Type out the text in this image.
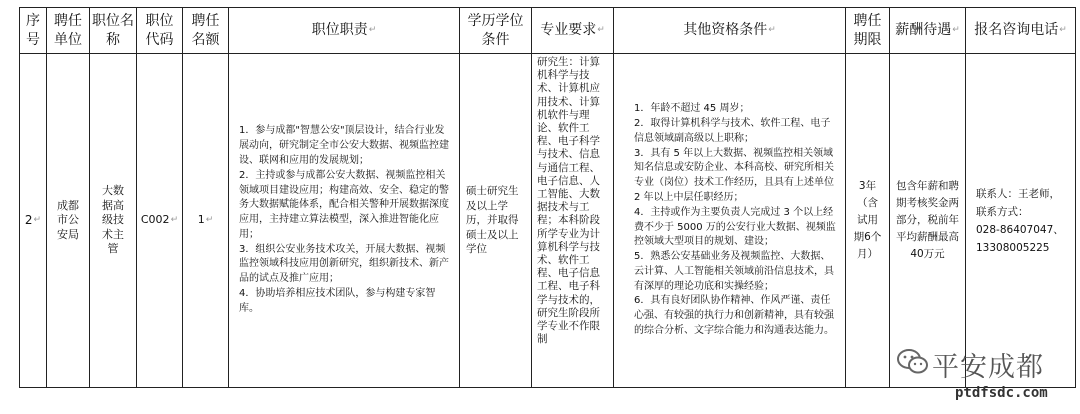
序号
聘任单位
职位名称
职位代码
聘任名额
职位职责 ↵
学历学位条件
专业要求 ↵	其他资格条件 ↵
聘任期限
薪酬待遇 ↵ 报名咨询电话 ↵
2 ↵
成都市公安局
大数据高级技术主管
C002 ↵ 1 ↵
1．参与成都"智慧公安"顶层设计，结合行业发展动向，研究制定全市公安大数据、视频监控建设、联网和应用的发展规划；
2．主持或参与成都公安大数据、视频监控相关领域项目建设应用；构建高效、安全、稳定的警务大数据赋能体系，配合相关警种开展数据深度应用，主持建立算法模型，深入推进智能化应用；
3．组织公安业务技术攻关，开展大数据、视频监控领域科技应用创新研究，组织新技术、新产品的试点及推广应用；
4．协助培养相应技术团队，参与构建专家智库。
硕士研究生及以上学历，并取得硕士及以上学位
研究生：计算机科学与技术、计算机应用技术、计算机软件与理论、软件工程、电子科学与技术、信息与通信工程、电子信息、人工智能、大数据技术与工程；本科阶段所学专业为计算机科学与技术、软件工程、电子信息工程、电子科学与技术的，研究生阶段所学专业不作限制
1．年龄不超过 45 周岁；
2．取得计算机科学与技术、软件工程、电子信息领域副高级以上职称；
3．具有 5 年以上大数据、视频监控相关领域知名信息或安防企业、本科高校、研究所相关专业（岗位）技术工作经历，且具有上述单位 2 年以上中层任职经历；
4．主持或作为主要负责人完成过 3 个以上经费不少于 5000 万的公安行业大数据、视频监控领域大型项目的规划、建设；
5．熟悉公安基础业务及视频监控、大数据、云计算、人工智能相关领域前沿信息技术，具有深厚的理论功底和实操经验；
6．具有良好团队协作精神、作风严谨、责任心强、有较强的执行力和创新精神，具有较强的综合分析、文字综合能力和沟通表达能力。
3年（含试用期6个月）
包含年薪和聘期考核奖金两部分，税前年平均薪酬最高40万元
联系人：王老师，
联系方式：
028-86407047、13308005225
平安成都
ptdfsdc.com
